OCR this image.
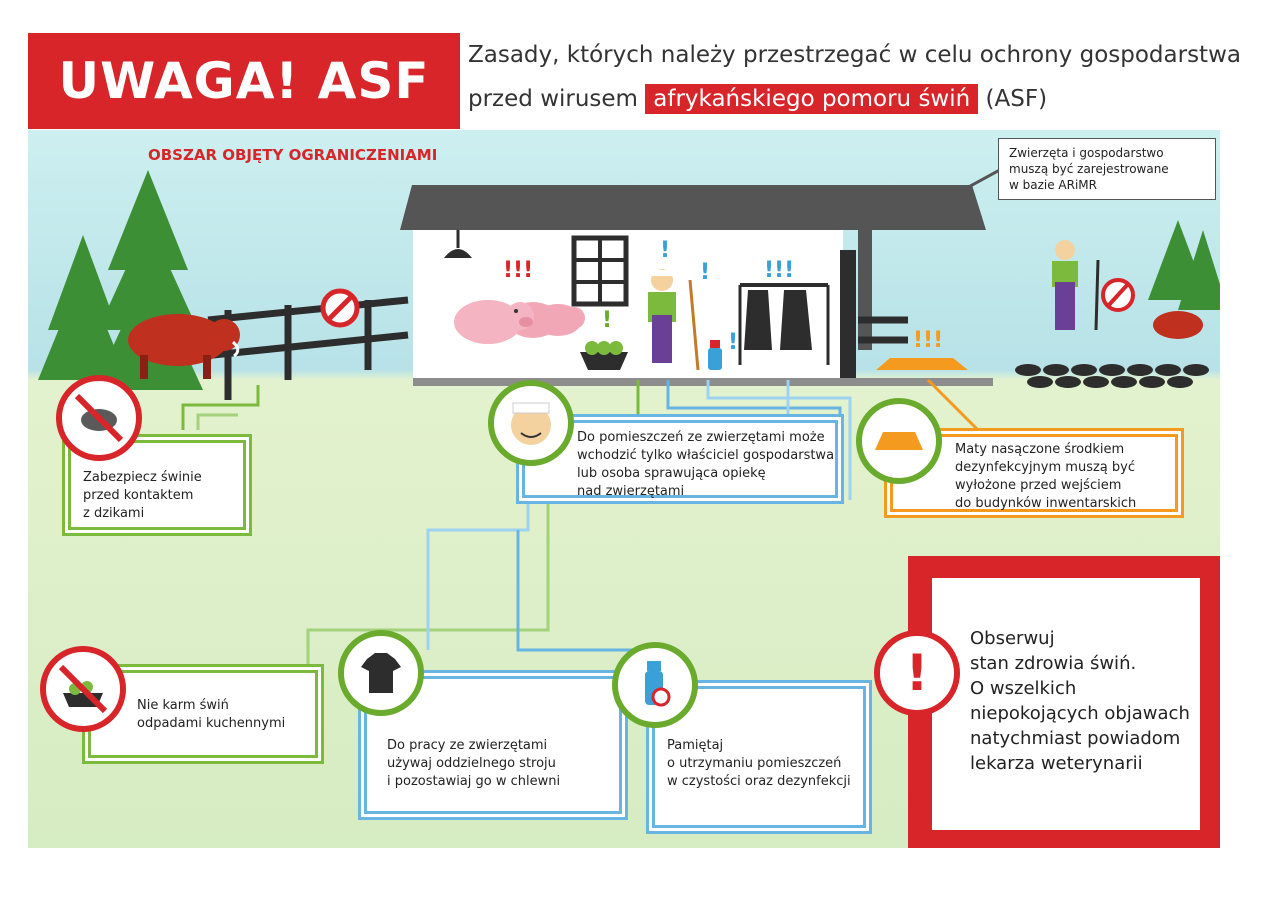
UWAGA! ASF	Zasady, których należy przestrzegać w celu ochrony gospodarstwa
przed wirusem afrykańskiego pomoru świń (ASF)
OBSZAR OBJĘTY OGRANICZENIAMI
!!!
!
!
!
!!!
!	!!!
Zwierzęta i gospodarstwo
muszą być zarejestrowane
w bazie ARiMR
Zabezpiecz świnie
przed kontaktem
z dzikami
Do pomieszczeń ze zwierzętami może
wchodzić tylko właściciel gospodarstwa
lub osoba sprawująca opiekę
nad zwierzętami
Maty nasączone środkiem
dezynfekcyjnym muszą być
wyłożone przed wejściem
do budynków inwentarskich
Nie karm świń
odpadami kuchennymi
Do pracy ze zwierzętami
używaj oddzielnego stroju
i pozostawiaj go w chlewni
Pamiętaj
o utrzymaniu pomieszczeń
w czystości oraz dezynfekcji
Obserwuj
stan zdrowia świń.
O wszelkich
niepokojących objawach
natychmiast powiadom
lekarza weterynarii
!
